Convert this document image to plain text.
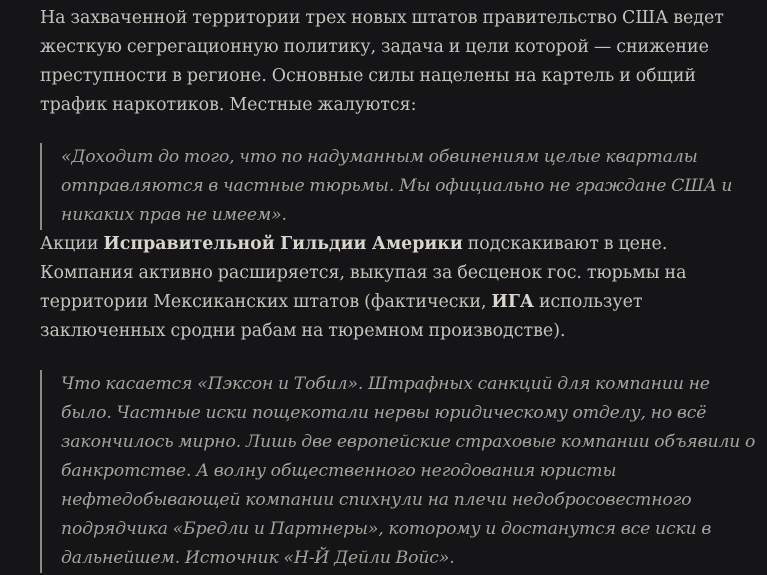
На захваченной территории трех новых штатов правительство США ведет жесткую сегрегационную политику, задача и цели которой — снижение преступности в регионе. Основные силы нацелены на картель и общий трафик наркотиков. Местные жалуются:

«Доходит до того, что по надуманным обвинениям целые кварталы отправляются в частные тюрьмы. Мы официально не граждане США и никаких прав не имеем».

Акции Исправительной Гильдии Америки подскакивают в цене. Компания активно расширяется, выкупая за бесценок гос. тюрьмы на территории Мексиканских штатов (фактически, ИГА использует заключенных сродни рабам на тюремном производстве).

Что касается «Пэксон и Тобил». Штрафных санкций для компании не было. Частные иски пощекотали нервы юридическому отделу, но всё закончилось мирно. Лишь две европейские страховые компании объявили о банкротстве. А волну общественного негодования юристы нефтедобывающей компании спихнули на плечи недобросовестного подрядчика «Бредли и Партнеры», которому и достанутся все иски в дальнейшем. Источник «Н-Й Дейли Войс».
